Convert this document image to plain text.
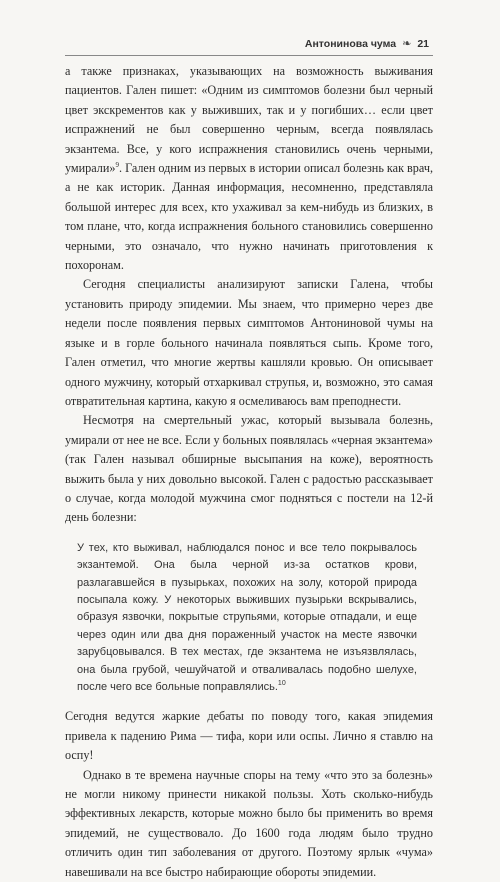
Антонинова чума ❧ 21

а также признаках, указывающих на возможность выживания пациентов. Гален пишет: «Одним из симптомов болезни был черный цвет экскрементов как у выживших, так и у погибших… если цвет испражнений не был совершенно черным, всегда появлялась экзантема. Все, у кого испражнения становились очень черными, умирали»$^9$. Гален одним из первых в истории описал болезнь как врач, а не как историк. Данная информация, несомненно, представляла большой интерес для всех, кто ухаживал за кем-нибудь из близких, в том плане, что, когда испражнения больного становились совершенно черными, это означало, что нужно начинать приготовления к похоронам.

Сегодня специалисты анализируют записки Галена, чтобы установить природу эпидемии. Мы знаем, что примерно через две недели после появления первых симптомов Антониновой чумы на языке и в горле больного начинала появляться сыпь. Кроме того, Гален отметил, что многие жертвы кашляли кровью. Он описывает одного мужчину, который отхаркивал струпья, и, возможно, это самая отвратительная картина, какую я осмеливаюсь вам преподнести.

Несмотря на смертельный ужас, который вызывала болезнь, умирали от нее не все. Если у больных появлялась «черная экзантема» (так Гален называл обширные высыпания на коже), вероятность выжить была у них довольно высокой. Гален с радостью рассказывает о случае, когда молодой мужчина смог подняться с постели на 12-й день болезни:

У тех, кто выживал, наблюдался понос и все тело покрывалось экзантемой. Она была черной из-за остатков крови, разлагавшейся в пузырьках, похожих на золу, которой природа посыпала кожу. У некоторых выживших пузырьки вскрывались, образуя язвочки, покрытые струпьями, которые отпадали, и еще через один или два дня пораженный участок на месте язвочки зарубцовывался. В тех местах, где экзантема не изъязвлялась, она была грубой, чешуйчатой и отваливалась подобно шелухе, после чего все больные поправлялись.$^{10}$

Сегодня ведутся жаркие дебаты по поводу того, какая эпидемия привела к падению Рима — тифа, кори или оспы. Лично я ставлю на оспу!

Однако в те времена научные споры на тему «что это за болезнь» не могли никому принести никакой пользы. Хоть сколько-нибудь эффективных лекарств, которые можно было бы применить во время эпидемий, не существовало. До 1600 года людям было трудно отличить один тип заболевания от другого. Поэтому ярлык «чума» навешивали на все быстро набирающие обороты эпидемии.
